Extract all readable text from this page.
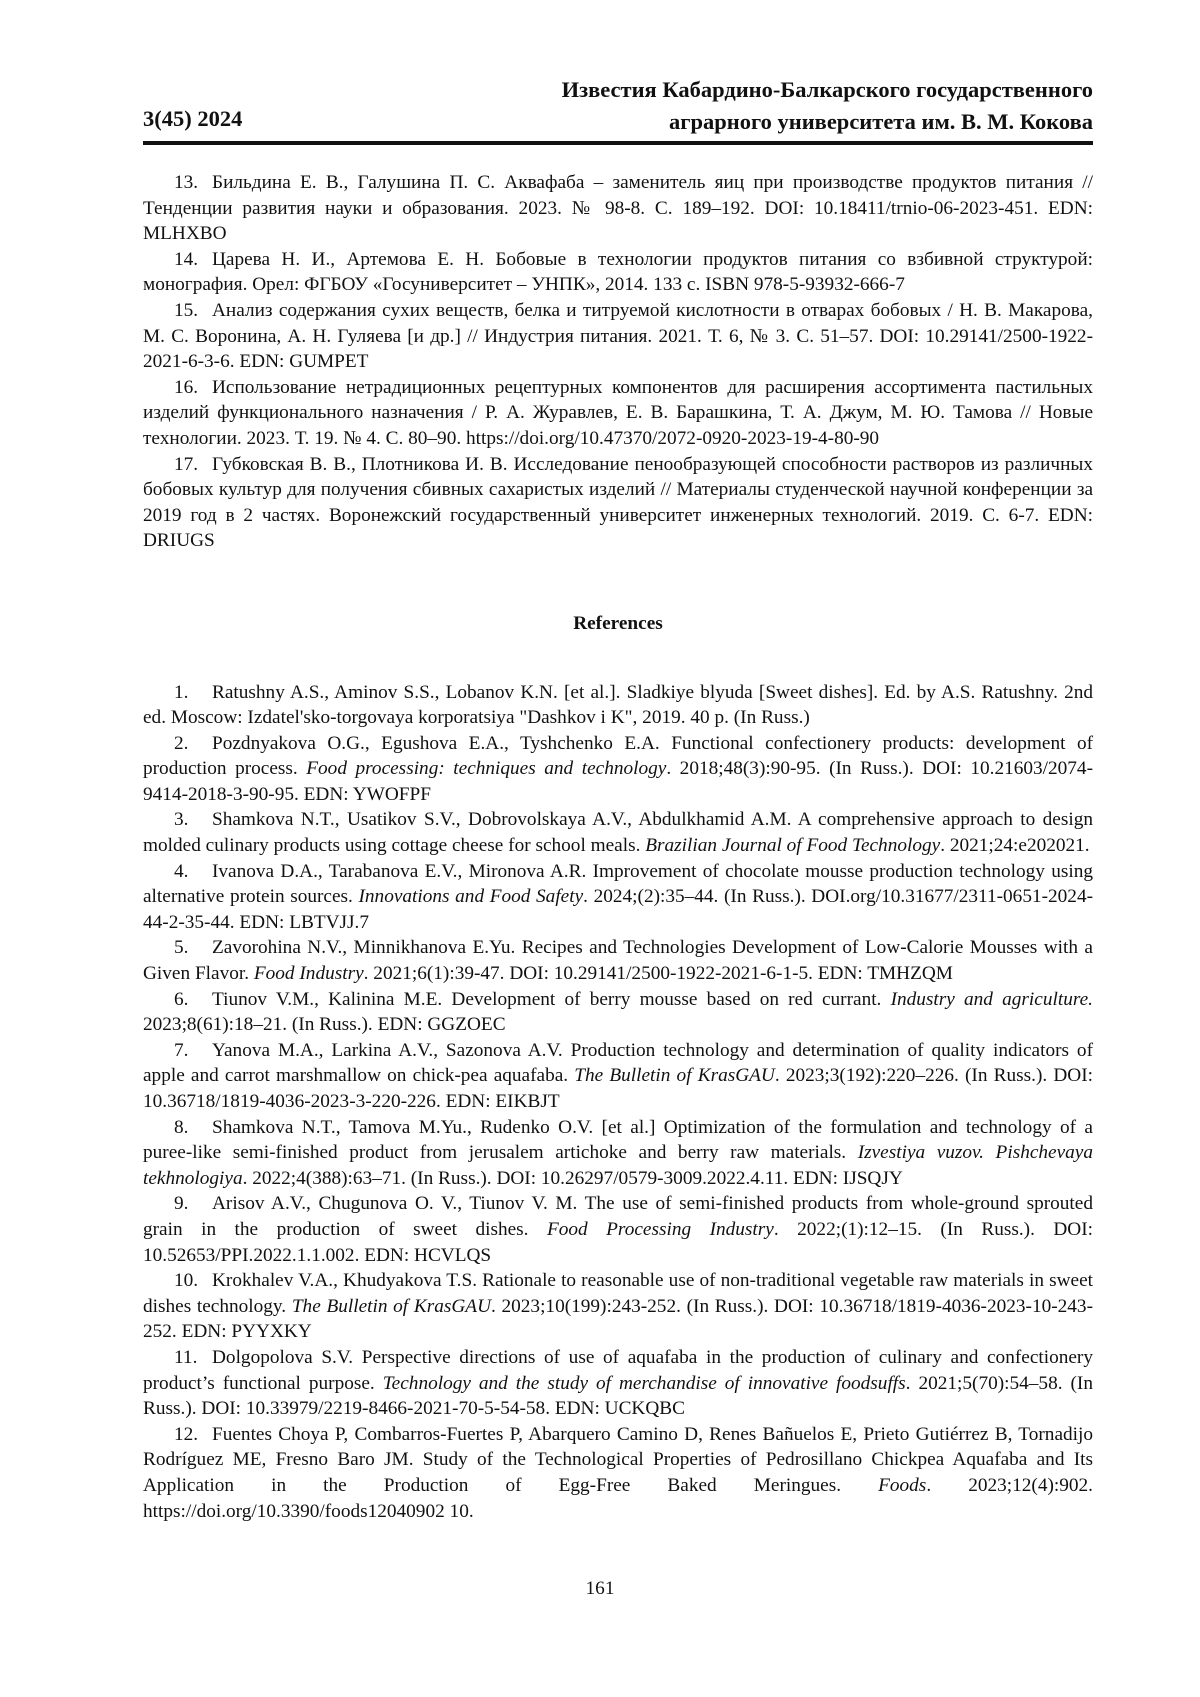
3(45) 2024
Известия Кабардино-Балкарского государственного
аграрного университета им. В. М. Кокова

13. Бильдина Е. В., Галушина П. С. Аквафаба – заменитель яиц при производстве продуктов питания // Тенденции развития науки и образования. 2023. № 98-8. С. 189–192. DOI: 10.18411/trnio-06-2023-451. EDN: MLHXBO

14. Царева Н. И., Артемова Е. Н. Бобовые в технологии продуктов питания со взбивной структурой: монография. Орел: ФГБОУ «Госуниверситет – УНПК», 2014. 133 с. ISBN 978-5-93932-666-7

15. Анализ содержания сухих веществ, белка и титруемой кислотности в отварах бобовых / Н. В. Макарова, М. С. Воронина, А. Н. Гуляева [и др.] // Индустрия питания. 2021. Т. 6, № 3. С. 51–57. DOI: 10.29141/2500-1922-2021-6-3-6. EDN: GUMPET

16. Использование нетрадиционных рецептурных компонентов для расширения ассортимента пастильных изделий функционального назначения / Р. А. Журавлев, Е. В. Барашкина, Т. А. Джум, М. Ю. Тамова // Новые технологии. 2023. Т. 19. № 4. С. 80–90. https://doi.org/10.47370/2072-0920-2023-19-4-80-90

17. Губковская В. В., Плотникова И. В. Исследование пенообразующей способности растворов из различных бобовых культур для получения сбивных сахаристых изделий // Материалы студенческой научной конференции за 2019 год в 2 частях. Воронежский государственный университет инженерных технологий. 2019. С. 6-7. EDN: DRIUGS

References

1. Ratushny A.S., Aminov S.S., Lobanov K.N. [et al.]. Sladkiye blyuda [Sweet dishes]. Ed. by A.S. Ratushny. 2nd ed. Moscow: Izdatel'sko-torgovaya korporatsiya "Dashkov i K", 2019. 40 p. (In Russ.)

2. Pozdnyakova O.G., Egushova E.A., Tyshchenko E.A. Functional confectionery products: development of production process. Food processing: techniques and technology. 2018;48(3):90-95. (In Russ.). DOI: 10.21603/2074-9414-2018-3-90-95. EDN: YWOFPF

3. Shamkova N.T., Usatikov S.V., Dobrovolskaya A.V., Abdulkhamid A.M. A comprehensive approach to design molded culinary products using cottage cheese for school meals. Brazilian Journal of Food Technology. 2021;24:e202021.

4. Ivanova D.A., Tarabanova E.V., Mironova A.R. Improvement of chocolate mousse production technology using alternative protein sources. Innovations and Food Safety. 2024;(2):35–44. (In Russ.). DOI.org/10.31677/2311-0651-2024-44-2-35-44. EDN: LBTVJJ.7

5. Zavorohina N.V., Minnikhanova E.Yu. Recipes and Technologies Development of Low-Calorie Mousses with a Given Flavor. Food Industry. 2021;6(1):39-47. DOI: 10.29141/2500-1922-2021-6-1-5. EDN: TMHZQM

6. Tiunov V.M., Kalinina M.E. Development of berry mousse based on red currant. Industry and agriculture. 2023;8(61):18–21. (In Russ.). EDN: GGZOEC

7. Yanova M.A., Larkina A.V., Sazonova A.V. Production technology and determination of quality indicators of apple and carrot marshmallow on chick-pea aquafaba. The Bulletin of KrasGAU. 2023;3(192):220–226. (In Russ.). DOI: 10.36718/1819-4036-2023-3-220-226. EDN: EIKBJT

8. Shamkova N.T., Tamova M.Yu., Rudenko O.V. [et al.] Optimization of the formulation and technology of a puree-like semi-finished product from jerusalem artichoke and berry raw materials. Izvestiya vuzov. Pishchevaya tekhnologiya. 2022;4(388):63–71. (In Russ.). DOI: 10.26297/0579-3009.2022.4.11. EDN: IJSQJY

9. Arisov A.V., Chugunova O. V., Tiunov V. M. The use of semi-finished products from whole-ground sprouted grain in the production of sweet dishes. Food Processing Industry. 2022;(1):12–15. (In Russ.). DOI: 10.52653/PPI.2022.1.1.002. EDN: HCVLQS

10. Krokhalev V.A., Khudyakova T.S. Rationale to reasonable use of non-traditional vegetable raw materials in sweet dishes technology. The Bulletin of KrasGAU. 2023;10(199):243-252. (In Russ.). DOI: 10.36718/1819-4036-2023-10-243-252. EDN: PYYXKY

11. Dolgopolova S.V. Perspective directions of use of aquafaba in the production of culinary and confectionery product’s functional purpose. Technology and the study of merchandise of innovative foodsuffs. 2021;5(70):54–58. (In Russ.). DOI: 10.33979/2219-8466-2021-70-5-54-58. EDN: UCKQBC

12. Fuentes Choya P, Combarros-Fuertes P, Abarquero Camino D, Renes Bañuelos E, Prieto Gutiérrez B, Tornadijo Rodríguez ME, Fresno Baro JM. Study of the Technological Properties of Pedrosillano Chickpea Aquafaba and Its Application in the Production of Egg-Free Baked Meringues. Foods. 2023;12(4):902. https://doi.org/10.3390/foods12040902 10.

161
